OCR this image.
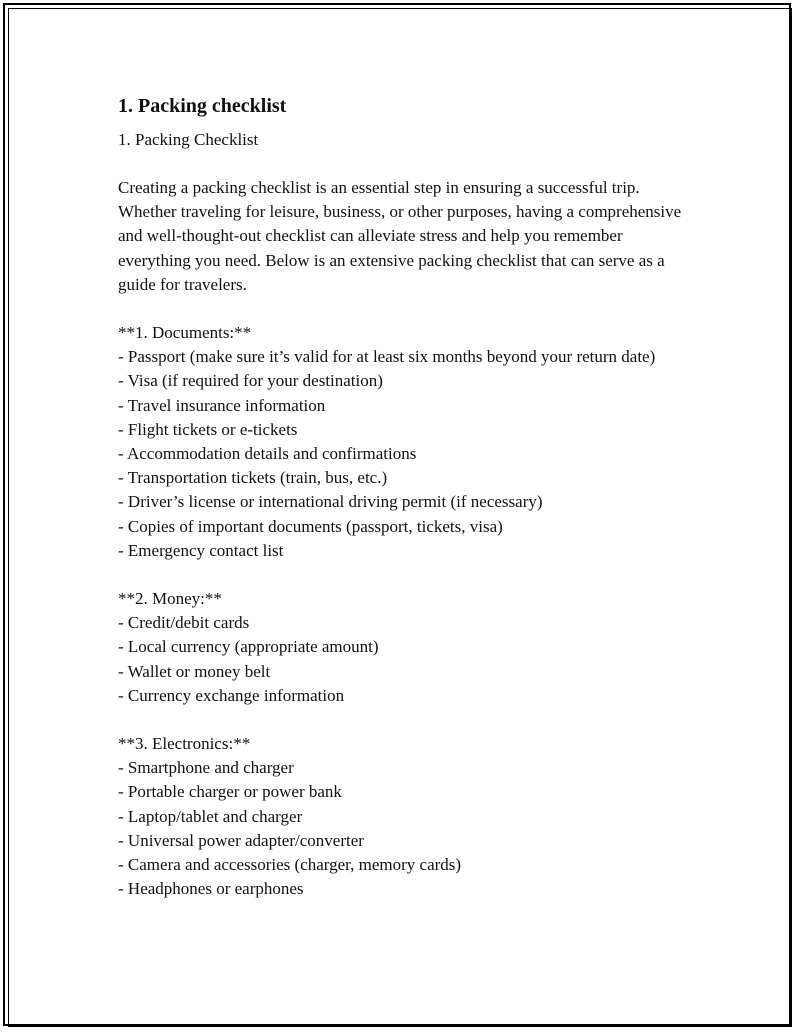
1. Packing checklist
1. Packing Checklist

Creating a packing checklist is an essential step in ensuring a successful trip. Whether traveling for leisure, business, or other purposes, having a comprehensive and well-thought-out checklist can alleviate stress and help you remember everything you need. Below is an extensive packing checklist that can serve as a guide for travelers.

**1. Documents:**
- Passport (make sure it’s valid for at least six months beyond your return date)
- Visa (if required for your destination)
- Travel insurance information
- Flight tickets or e-tickets
- Accommodation details and confirmations
- Transportation tickets (train, bus, etc.)
- Driver’s license or international driving permit (if necessary)
- Copies of important documents (passport, tickets, visa)
- Emergency contact list
**2. Money:**
- Credit/debit cards
- Local currency (appropriate amount)
- Wallet or money belt
- Currency exchange information
**3. Electronics:**
- Smartphone and charger
- Portable charger or power bank
- Laptop/tablet and charger
- Universal power adapter/converter
- Camera and accessories (charger, memory cards)
- Headphones or earphones
